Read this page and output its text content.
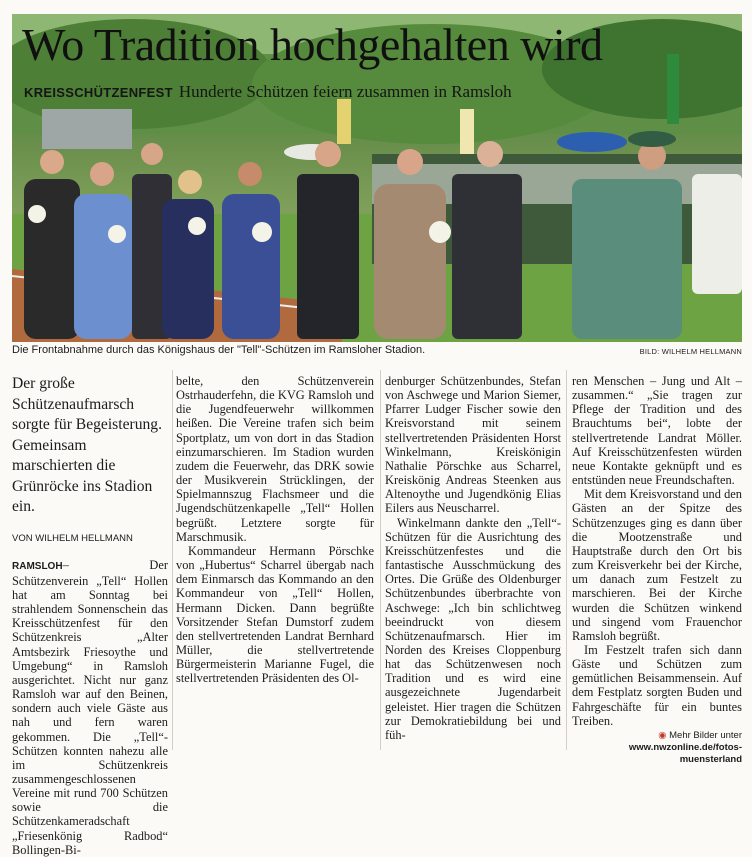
Wo Tradition hochgehalten wird
KREISSCHÜTZENFEST Hunderte Schützen feiern zusammen in Ramsloh
Die Frontabnahme durch das Königshaus der "Tell"-Schützen im Ramsloher Stadion.	BILD: WILHELM HELLMANN

Der große Schützenaufmarsch sorgte für Begeisterung. Gemeinsam marschierten die Grünröcke ins Stadion ein.

VON WILHELM HELLMANN

RAMSLOH– Der Schützenverein „Tell“ Hollen hat am Sonntag bei strahlendem Sonnenschein das Kreisschützenfest für den Schützenkreis „Alter Amtsbezirk Friesoythe und Umgebung“ in Ramsloh ausgerichtet. Nicht nur ganz Ramsloh war auf den Beinen, sondern auch viele Gäste aus nah und fern waren gekommen. Die „Tell“-Schützen konnten nahezu alle im Schützenkreis zusammengeschlossenen Vereine mit rund 700 Schützen sowie die Schützenkameradschaft „Friesenkönig Radbod“ Bollingen-Bi-

belte, den Schützenverein Ostrhauderfehn, die KVG Ramsloh und die Jugendfeuerwehr willkommen heißen. Die Vereine trafen sich beim Sportplatz, um von dort in das Stadion einzumarschieren. Im Stadion wurden zudem die Feuerwehr, das DRK sowie der Musikverein Strücklingen, der Spielmannszug Flachsmeer und die Jugendschützenkapelle „Tell“ Hollen begrüßt. Letztere sorgte für Marschmusik.

Kommandeur Hermann Pörschke von „Hubertus“ Scharrel übergab nach dem Einmarsch das Kommando an den Kommandeur von „Tell“ Hollen, Hermann Dicken. Dann begrüßte Vorsitzender Stefan Dumstorf zudem den stellvertretenden Landrat Bernhard Müller, die stellvertretende Bürgermeisterin Marianne Fugel, die stellvertretenden Präsidenten des Ol-

denburger Schützenbundes, Stefan von Aschwege und Marion Siemer, Pfarrer Ludger Fischer sowie den Kreisvorstand mit seinem stellvertretenden Präsidenten Horst Winkelmann, Kreiskönigin Nathalie Pörschke aus Scharrel, Kreiskönig Andreas Steenken aus Altenoythe und Jugendkönig Elias Eilers aus Neuscharrel.

Winkelmann dankte den „Tell“-Schützen für die Ausrichtung des Kreisschützenfestes und die fantastische Ausschmückung des Ortes. Die Grüße des Oldenburger Schützenbundes überbrachte von Aschwege: „Ich bin schlichtweg beeindruckt von diesem Schützenaufmarsch. Hier im Norden des Kreises Cloppenburg hat das Schützenwesen noch Tradition und es wird eine ausgezeichnete Jugendarbeit geleistet. Hier tragen die Schützen zur Demokratiebildung bei und füh-

ren Menschen – Jung und Alt – zusammen.“ „Sie tragen zur Pflege der Tradition und des Brauchtums bei“, lobte der stellvertretende Landrat Möller. Auf Kreisschützenfesten würden neue Kontakte geknüpft und es entstünden neue Freundschaften.

Mit dem Kreisvorstand und den Gästen an der Spitze des Schützenzuges ging es dann über die Mootzenstraße und Hauptstraße durch den Ort bis zum Kreisverkehr bei der Kirche, um danach zum Festzelt zu marschieren. Bei der Kirche wurden die Schützen winkend und singend vom Frauenchor Ramsloh begrüßt.

Im Festzelt trafen sich dann Gäste und Schützen zum gemütlichen Beisammensein. Auf dem Festplatz sorgten Buden und Fahrgeschäfte für ein buntes Treiben.

◉ Mehr Bilder unter www.nwzonline.de/fotos-muensterland
